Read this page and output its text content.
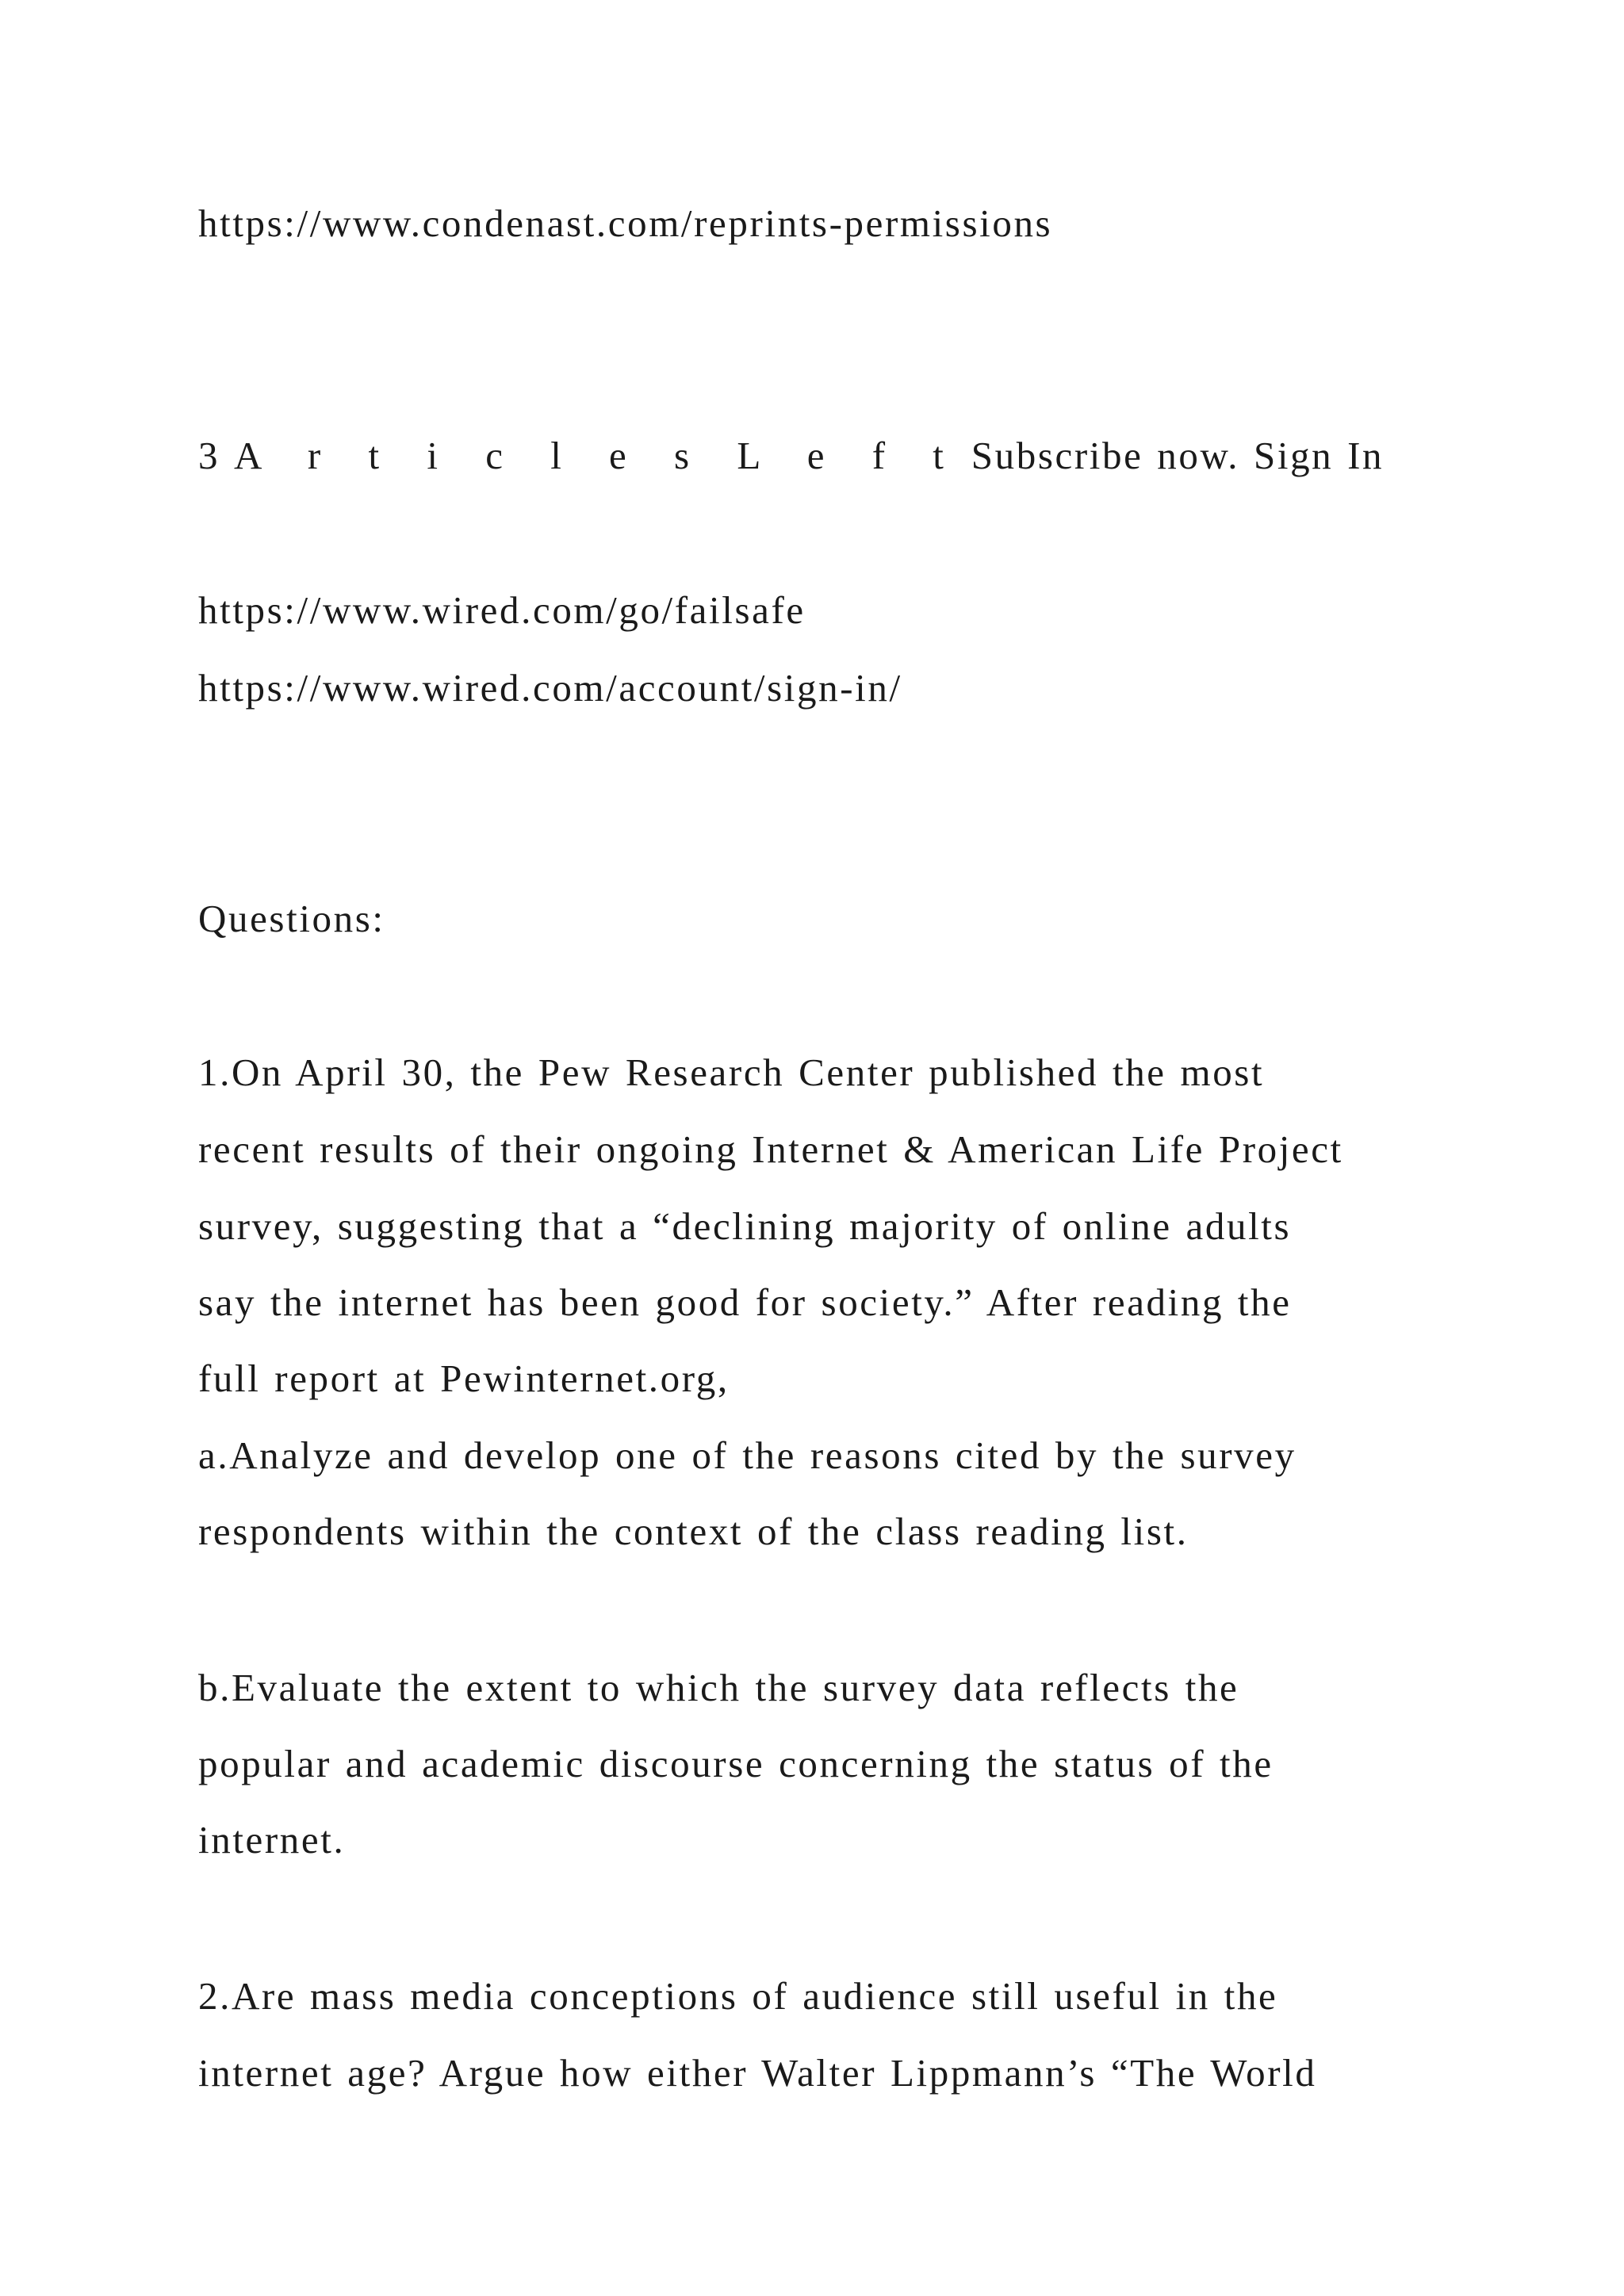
https://www.condenast.com/reprints-permissions
3 A r t i c l e s L e f t Subscribe now. Sign In
https://www.wired.com/go/failsafe
https://www.wired.com/account/sign-in/
Questions:
1.On April 30, the Pew Research Center published the most
recent results of their ongoing Internet & American Life Project
survey, suggesting that a “declining majority of online adults
say the internet has been good for society.” After reading the
full report at Pewinternet.org,
a.Analyze and develop one of the reasons cited by the survey
respondents within the context of the class reading list.
b.Evaluate the extent to which the survey data reflects the
popular and academic discourse concerning the status of the
internet.
2.Are mass media conceptions of audience still useful in the
internet age? Argue how either Walter Lippmann’s “The World
